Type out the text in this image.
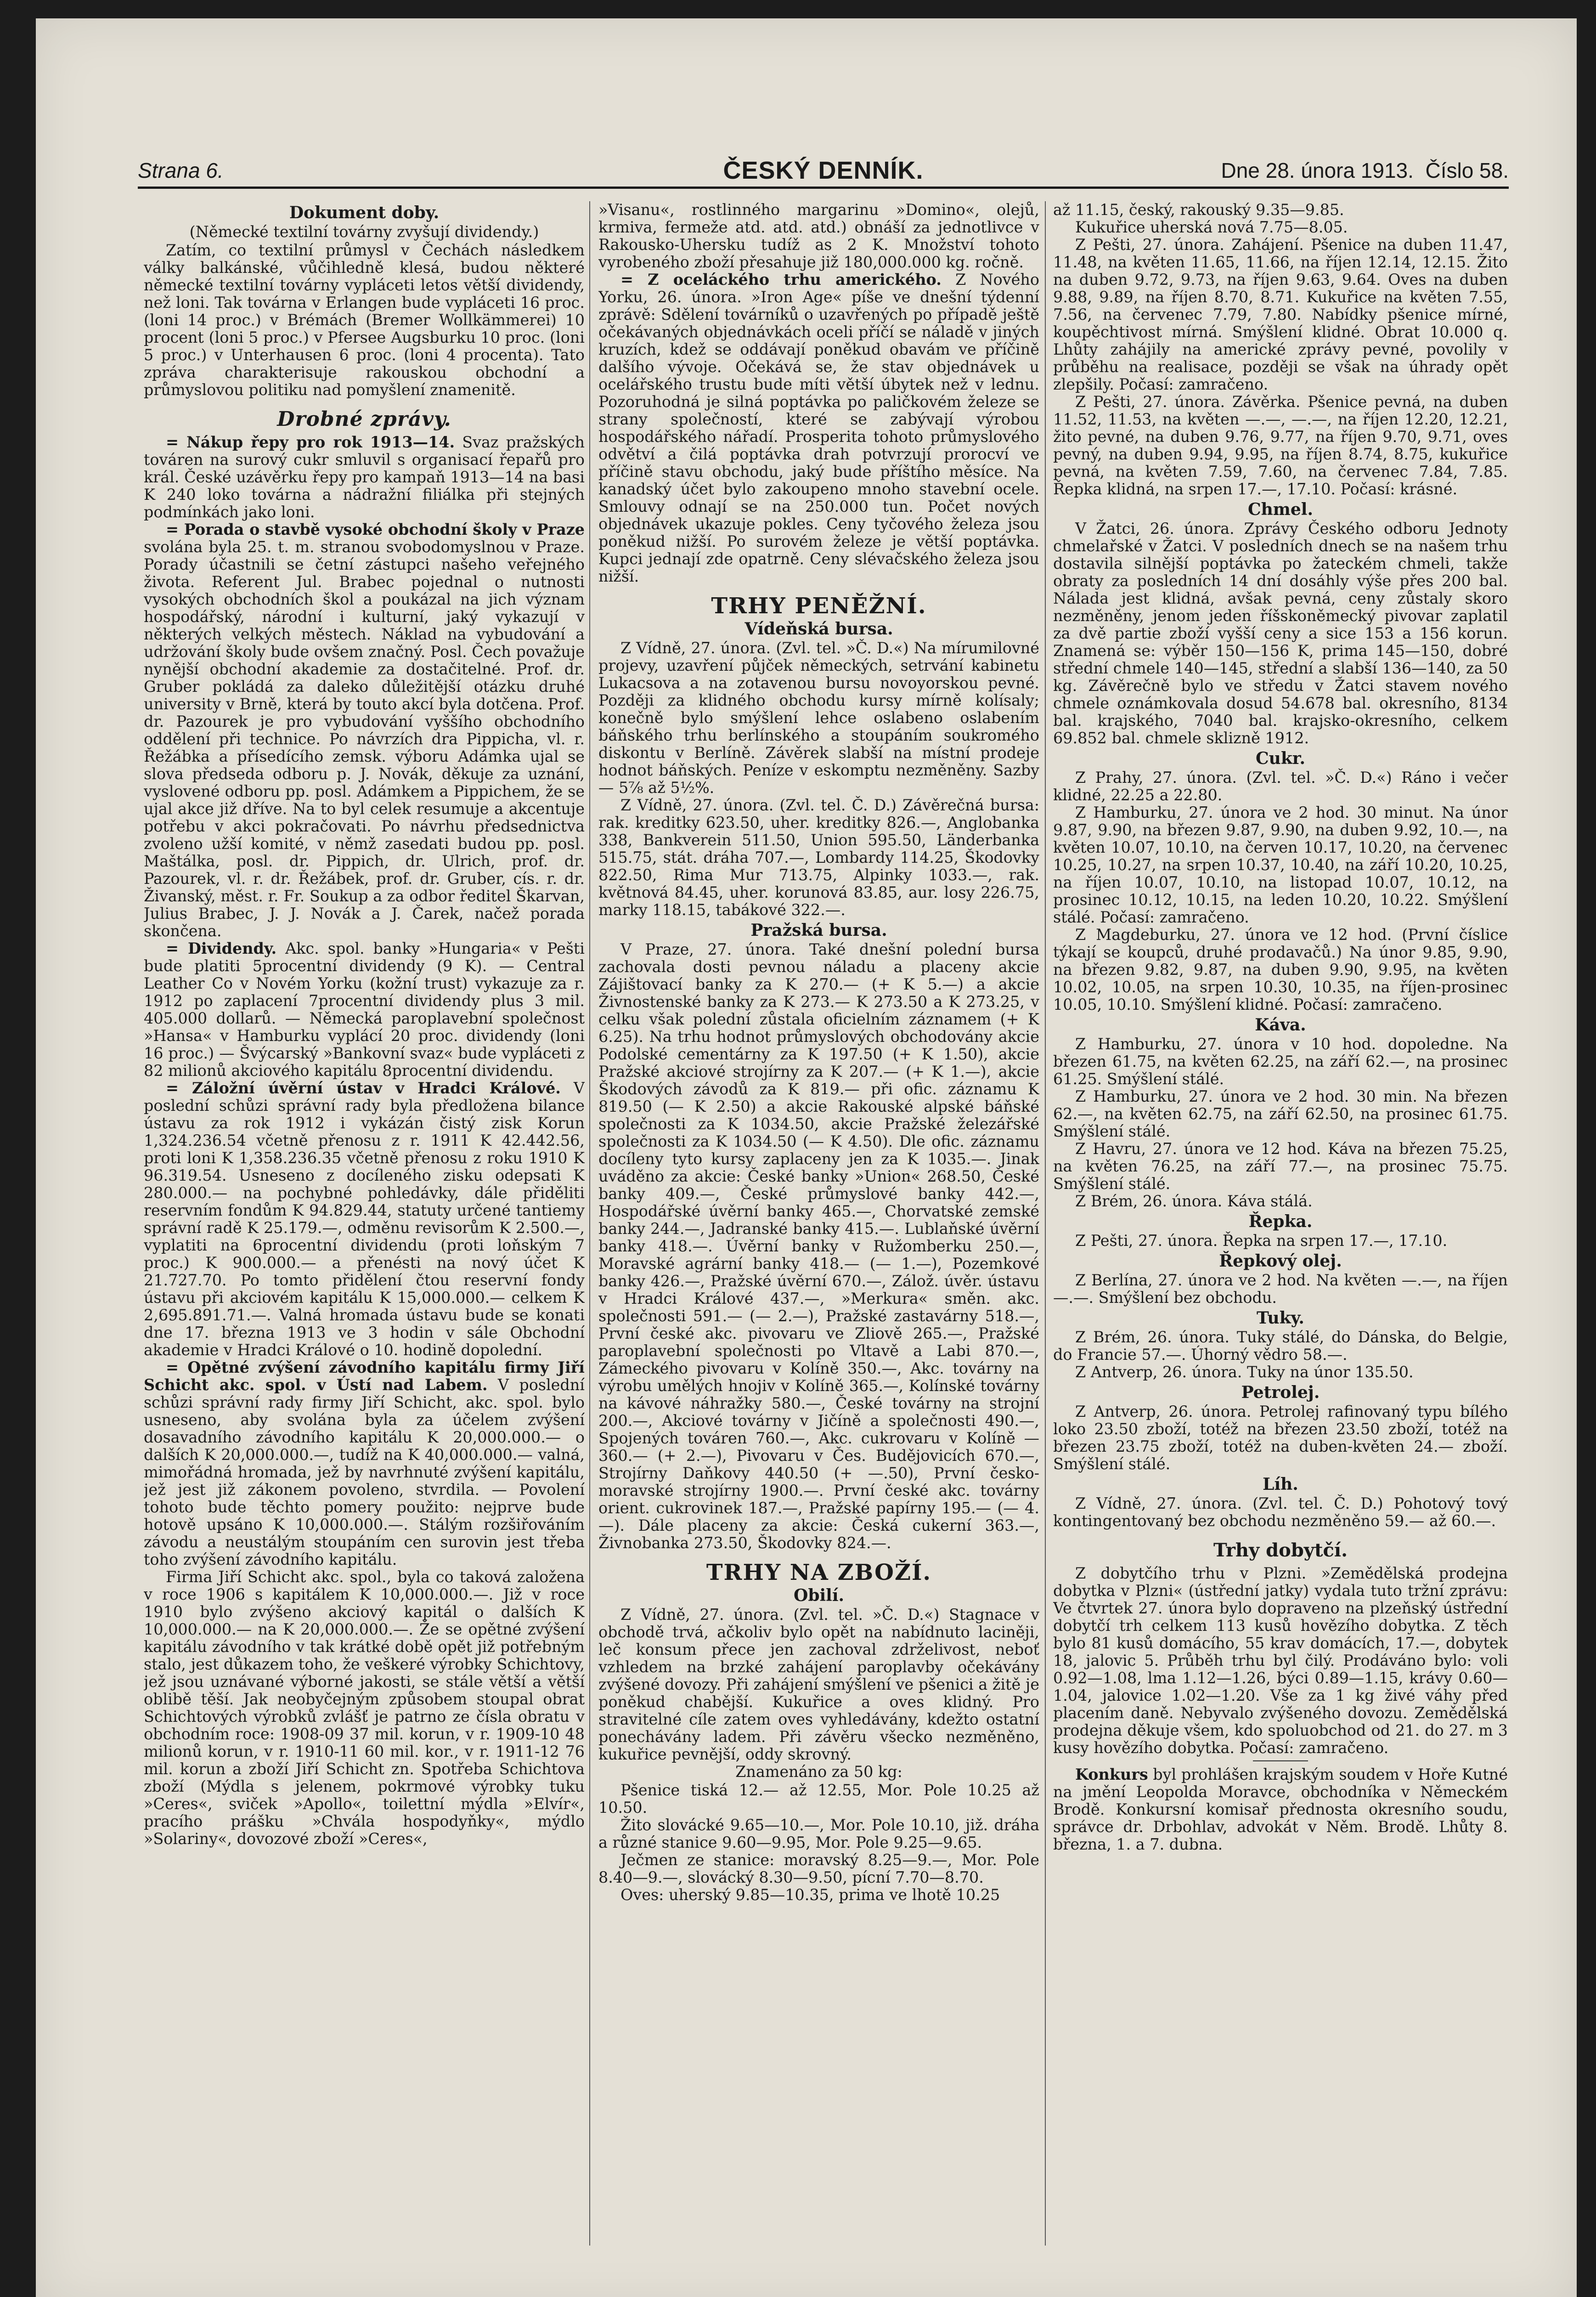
Strana 6.	ČESKÝ DENNÍK.	Dne 28. února 1913. Číslo 58.
Dokument doby.
(Německé textilní továrny zvyšují dividendy.)

Zatím, co textilní průmysl v Čechách následkem války balkánské, vůčihledně klesá, budou některé německé textilní továrny vypláceti letos větší dividendy, než loni. Tak továrna v Erlangen bude vypláceti 16 proc. (loni 14 proc.) v Brémách (Bremer Wollkämmerei) 10 procent (loni 5 proc.) v Pfersee Augsburku 10 proc. (loni 5 proc.) v Unterhausen 6 proc. (loni 4 procenta). Tato zpráva charakterisuje rakouskou obchodní a průmyslovou politiku nad pomyšlení znamenitě.

Drobné zprávy.

= Nákup řepy pro rok 1913—14. Svaz pražských továren na surový cukr smluvil s organisací řepařů pro král. České uzávěrku řepy pro kampaň 1913—14 na basi K 240 loko továrna a nádražní filiálka při stejných podmínkách jako loni.

= Porada o stavbě vysoké obchodní školy v Praze svolána byla 25. t. m. stranou svobodomyslnou v Praze. Porady účastnili se četní zástupci našeho veřejného života. Referent Jul. Brabec pojednal o nutnosti vysokých obchodních škol a poukázal na jich význam hospodářský, národní i kulturní, jaký vykazují v některých velkých městech. Náklad na vybudování a udržování školy bude ovšem značný. Posl. Čech považuje nynější obchodní akademie za dostačitelné. Prof. dr. Gruber pokládá za daleko důležitější otázku druhé university v Brně, která by touto akcí byla dotčena. Prof. dr. Pazourek je pro vybudování vyššího obchodního oddělení při technice. Po návrzích dra Pippicha, vl. r. Řežábka a přísedícího zemsk. výboru Adámka ujal se slova předseda odboru p. J. Novák, děkuje za uznání, vyslovené odboru pp. posl. Adámkem a Pippichem, že se ujal akce již dříve. Na to byl celek resumuje a akcentuje potřebu v akci pokračovati. Po návrhu předsednictva zvoleno užší komité, v němž zasedati budou pp. posl. Maštálka, posl. dr. Pippich, dr. Ulrich, prof. dr. Pazourek, vl. r. dr. Řežábek, prof. dr. Gruber, cís. r. dr. Živanský, měst. r. Fr. Soukup a za odbor ředitel Škarvan, Julius Brabec, J. J. Novák a J. Čarek, načež porada skončena.

= Dividendy. Akc. spol. banky »Hungaria« v Pešti bude platiti 5procentní dividendy (9 K). — Central Leather Co v Novém Yorku (kožní trust) vykazuje za r. 1912 po zaplacení 7procentní dividendy plus 3 mil. 405.000 dollarů. — Německá paroplavební společnost »Hansa« v Hamburku vyplácí 20 proc. dividendy (loni 16 proc.) — Švýcarský »Bankovní svaz« bude vypláceti z 82 milionů akciového kapitálu 8procentní dividendu.

= Záložní úvěrní ústav v Hradci Králové. V poslední schůzi správní rady byla předložena bilance ústavu za rok 1912 i vykázán čistý zisk Korun 1,324.236.54 včetně přenosu z r. 1911 K 42.442.56, proti loni K 1,358.236.35 včetně přenosu z roku 1910 K 96.319.54. Usneseno z docíleného zisku odepsati K 280.000.— na pochybné pohledávky, dále přiděliti reservním fondům K 94.829.44, statuty určené tantiemy správní radě K 25.179.—, odměnu revisorům K 2.500.—, vyplatiti na 6procentní dividendu (proti loňským 7 proc.) K 900.000.— a přenésti na nový účet K 21.727.70. Po tomto přidělení čtou reservní fondy ústavu při akciovém kapitálu K 15,000.000.— celkem K 2,695.891.71.—. Valná hromada ústavu bude se konati dne 17. března 1913 ve 3 hodin v sále Obchodní akademie v Hradci Králové o 10. hodině dopolední.

= Opětné zvýšení závodního kapitálu firmy Jiří Schicht akc. spol. v Ústí nad Labem. V poslední schůzi správní rady firmy Jiří Schicht, akc. spol. bylo usneseno, aby svolána byla za účelem zvýšení dosavadního závodního kapitálu K 20,000.000.— o dalších K 20,000.000.—, tudíž na K 40,000.000.— valná, mimořádná hromada, jež by navrhnuté zvýšení kapitálu, jež jest již zákonem povoleno, stvrdila. — Povolení tohoto bude těchto pomery použito: nejprve bude hotově upsáno K 10,000.000.—. Stálým rozšiřováním závodu a neustálým stoupáním cen surovin jest třeba toho zvýšení závodního kapitálu.

Firma Jiří Schicht akc. spol., byla co taková založena v roce 1906 s kapitálem K 10,000.000.—. Již v roce 1910 bylo zvýšeno akciový kapitál o dalších K 10,000.000.— na K 20,000.000.—. Že se opětné zvýšení kapitálu závodního v tak krátké době opět již potřebným stalo, jest důkazem toho, že veškeré výrobky Schichtovy, jež jsou uznávané výborné jakosti, se stále větší a větší oblibě těší. Jak neobyčejným způsobem stoupal obrat Schichtových výrobků zvlášť je patrno ze čísla obratu v obchodním roce: 1908-09 37 mil. korun, v r. 1909-10 48 milionů korun, v r. 1910-11 60 mil. kor., v r. 1911-12 76 mil. korun a zboží Jiří Schicht zn. Spotřeba Schichtova zboží (Mýdla s jelenem, pokrmové výrobky tuku »Ceres«, sviček »Apollo«, toilettní mýdla »Elvír«, pracího prášku »Chvála hospodyňky«, mýdlo »Solariny«, dovozové zboží »Ceres«,

»Visanu«, rostlinného margarinu »Domino«, olejů, krmiva, fermeže atd. atd. atd.) obnáší za jednotlivce v Rakousko-Uhersku tudíž as 2 K. Množství tohoto vyrobeného zboží přesahuje již 180,000.000 kg. ročně.

= Z oceláckého trhu amerického. Z Nového Yorku, 26. února. »Iron Age« píše ve dnešní týdenní zprávě: Sdělení továrníků o uzavřených po případě ještě očekávaných objednávkách oceli příčí se náladě v jiných kruzích, kdež se oddávají poněkud obavám ve příčině dalšího vývoje. Očekává se, že stav objednávek u ocelářského trustu bude míti větší úbytek než v lednu. Pozoruhodná je silná poptávka po paličkovém železe se strany společností, které se zabývají výrobou hospodářského nářadí. Prosperita tohoto průmyslového odvětví a čilá poptávka drah potvrzují prorocví ve příčině stavu obchodu, jaký bude příštího měsíce. Na kanadský účet bylo zakoupeno mnoho stavební ocele. Smlouvy odnají se na 250.000 tun. Počet nových objednávek ukazuje pokles. Ceny tyčového železa jsou poněkud nižší. Po surovém železe je větší poptávka. Kupci jednají zde opatrně. Ceny slévačského železa jsou nižší.

TRHY PENĚŽNÍ.
Vídeňská bursa.

Z Vídně, 27. února. (Zvl. tel. »Č. D.«) Na mírumilovné projevy, uzavření půjček německých, setrvání kabinetu Lukacsova a na zotavenou bursu novoyorskou pevné. Později za klidného obchodu kursy mírně kolísaly; konečně bylo smýšlení lehce oslabeno oslabením báňského trhu berlínského a stoupáním soukromého diskontu v Berlíně. Závěrek slabší na místní prodeje hodnot báňských. Peníze v eskomptu nezměněny. Sazby — 5⅞ až 5½%.

Z Vídně, 27. února. (Zvl. tel. Č. D.) Závěrečná bursa: rak. kreditky 623.50, uher. kreditky 826.—, Anglobanka 338, Bankverein 511.50, Union 595.50, Länderbanka 515.75, stát. dráha 707.—, Lombardy 114.25, Škodovky 822.50, Rima Mur 713.75, Alpinky 1033.—, rak. květnová 84.45, uher. korunová 83.85, aur. losy 226.75, marky 118.15, tabákové 322.—.

Pražská bursa.

V Praze, 27. února. Také dnešní polední bursa zachovala dosti pevnou náladu a placeny akcie Zájištovací banky za K 270.— (+ K 5.—) a akcie Živnostenské banky za K 273.— K 273.50 a K 273.25, v celku však polední zůstala oficielním záznamem (+ K 6.25). Na trhu hodnot průmyslových obchodovány akcie Podolské cementárny za K 197.50 (+ K 1.50), akcie Pražské akciové strojírny za K 207.— (+ K 1.—), akcie Škodových závodů za K 819.— při ofic. záznamu K 819.50 (— K 2.50) a akcie Rakouské alpské báňské společnosti za K 1034.50, akcie Pražské železářské společnosti za K 1034.50 (— K 4.50). Dle ofic. záznamu docíleny tyto kursy zaplaceny jen za K 1035.—. Jinak uváděno za akcie: České banky »Union« 268.50, České banky 409.—, České průmyslové banky 442.—, Hospodářské úvěrní banky 465.—, Chorvatské zemské banky 244.—, Jadranské banky 415.—. Lublaňské úvěrní banky 418.—. Úvěrní banky v Ružomberku 250.—, Moravské agrární banky 418.— (— 1.—), Pozemkové banky 426.—, Pražské úvěrní 670.—, Zálož. úvěr. ústavu v Hradci Králové 437.—, »Merkura« směn. akc. společnosti 591.— (— 2.—), Pražské zastavárny 518.—, První české akc. pivovaru ve Zliově 265.—, Pražské paroplavební společnosti po Vltavě a Labi 870.—, Zámeckého pivovaru v Kolíně 350.—, Akc. továrny na výrobu umělých hnojiv v Kolíně 365.—, Kolínské továrny na kávové náhražky 580.—, České továrny na strojní 200.—, Akciové továrny v Jičíně a společnosti 490.—, Spojených továren 760.—, Akc. cukrovaru v Kolíně — 360.— (+ 2.—), Pivovaru v Čes. Budějovicích 670.—, Strojírny Daňkovy 440.50 (+ —.50), První česko-moravské strojírny 1900.—. První české akc. továrny orient. cukrovinek 187.—, Pražské papírny 195.— (— 4.—). Dále placeny za akcie: Česká cukerní 363.—, Živnobanka 273.50, Škodovky 824.—.

TRHY NA ZBOŽÍ.
Obilí.

Z Vídně, 27. února. (Zvl. tel. »Č. D.«) Stagnace v obchodě trvá, ačkoliv bylo opět na nabídnuto laciněji, leč konsum přece jen zachoval zdrželivost, neboť vzhledem na brzké zahájení paroplavby očekávány zvýšené dovozy. Při zahájení smýšlení ve pšenici a žitě je poněkud chabější. Kukuřice a oves klidný. Pro stravitelné cíle zatem oves vyhledávány, kdežto ostatní ponechávány ladem. Při závěru všecko nezměněno, kukuřice pevnější, oddy skrovný.

Znamenáno za 50 kg:

Pšenice tiská 12.— až 12.55, Mor. Pole 10.25 až 10.50.

Žito slovácké 9.65—10.—, Mor. Pole 10.10, již. dráha a různé stanice 9.60—9.95, Mor. Pole 9.25—9.65.

Ječmen ze stanice: moravský 8.25—9.—, Mor. Pole 8.40—9.—, slovácký 8.30—9.50, pícní 7.70—8.70.

Oves: uherský 9.85—10.35, prima ve lhotě 10.25

až 11.15, český, rakouský 9.35—9.85.

Kukuřice uherská nová 7.75—8.05.

Z Pešti, 27. února. Zahájení. Pšenice na duben 11.47, 11.48, na květen 11.65, 11.66, na říjen 12.14, 12.15. Žito na duben 9.72, 9.73, na říjen 9.63, 9.64. Oves na duben 9.88, 9.89, na říjen 8.70, 8.71. Kukuřice na květen 7.55, 7.56, na červenec 7.79, 7.80. Nabídky pšenice mírné, koupěchtivost mírná. Smýšlení klidné. Obrat 10.000 q. Lhůty zahájily na americké zprávy pevné, povolily v průběhu na realisace, později se však na úhrady opět zlepšily. Počasí: zamračeno.

Z Pešti, 27. února. Závěrka. Pšenice pevná, na duben 11.52, 11.53, na květen —.—, —.—, na říjen 12.20, 12.21, žito pevné, na duben 9.76, 9.77, na říjen 9.70, 9.71, oves pevný, na duben 9.94, 9.95, na říjen 8.74, 8.75, kukuřice pevná, na květen 7.59, 7.60, na červenec 7.84, 7.85. Řepka klidná, na srpen 17.—, 17.10. Počasí: krásné.

Chmel.

V Žatci, 26. února. Zprávy Českého odboru Jednoty chmelařské v Žatci. V posledních dnech se na našem trhu dostavila silnější poptávka po žateckém chmeli, takže obraty za posledních 14 dní dosáhly výše přes 200 bal. Nálada jest klidná, avšak pevná, ceny zůstaly skoro nezměněny, jenom jeden říšskoněmecký pivovar zaplatil za dvě partie zboží vyšší ceny a sice 153 a 156 korun. Znamená se: výběr 150—156 K, prima 145—150, dobré střední chmele 140—145, střední a slabší 136—140, za 50 kg. Závěrečně bylo ve středu v Žatci stavem nového chmele oznámkovala dosud 54.678 bal. okresního, 8134 bal. krajského, 7040 bal. krajsko-okresního, celkem 69.852 bal. chmele sklizně 1912.

Cukr.

Z Prahy, 27. února. (Zvl. tel. »Č. D.«) Ráno i večer klidné, 22.25 a 22.80.

Z Hamburku, 27. února ve 2 hod. 30 minut. Na únor 9.87, 9.90, na březen 9.87, 9.90, na duben 9.92, 10.—, na květen 10.07, 10.10, na červen 10.17, 10.20, na červenec 10.25, 10.27, na srpen 10.37, 10.40, na září 10.20, 10.25, na říjen 10.07, 10.10, na listopad 10.07, 10.12, na prosinec 10.12, 10.15, na leden 10.20, 10.22. Smýšlení stálé. Počasí: zamračeno.

Z Magdeburku, 27. února ve 12 hod. (První číslice týkají se koupců, druhé prodavačů.) Na únor 9.85, 9.90, na březen 9.82, 9.87, na duben 9.90, 9.95, na květen 10.02, 10.05, na srpen 10.30, 10.35, na říjen-prosinec 10.05, 10.10. Smýšlení klidné. Počasí: zamračeno.

Káva.

Z Hamburku, 27. února v 10 hod. dopoledne. Na březen 61.75, na květen 62.25, na září 62.—, na prosinec 61.25. Smýšlení stálé.

Z Hamburku, 27. února ve 2 hod. 30 min. Na březen 62.—, na květen 62.75, na září 62.50, na prosinec 61.75. Smýšlení stálé.

Z Havru, 27. února ve 12 hod. Káva na březen 75.25, na květen 76.25, na září 77.—, na prosinec 75.75. Smýšlení stálé.

Z Brém, 26. února. Káva stálá.

Řepka.

Z Pešti, 27. února. Řepka na srpen 17.—, 17.10.

Řepkový olej.

Z Berlína, 27. února ve 2 hod. Na květen —.—, na říjen —.—. Smýšlení bez obchodu.

Tuky.

Z Brém, 26. února. Tuky stálé, do Dánska, do Belgie, do Francie 57.—. Úhorný vědro 58.—.

Z Antverp, 26. února. Tuky na únor 135.50.

Petrolej.

Z Antverp, 26. února. Petrolej rafinovaný typu bílého loko 23.50 zboží, totéž na březen 23.50 zboží, totéž na březen 23.75 zboží, totéž na duben-květen 24.— zboží. Smýšlení stálé.

Líh.

Z Vídně, 27. února. (Zvl. tel. Č. D.) Pohotový tový kontingentovaný bez obchodu nezměněno 59.— až 60.—.

Trhy dobytčí.

Z dobytčího trhu v Plzni. »Zemědělská prodejna dobytka v Plzni« (ústřední jatky) vydala tuto tržní zprávu: Ve čtvrtek 27. února bylo dopraveno na plzeňský ústřední dobytčí trh celkem 113 kusů hovězího dobytka. Z těch bylo 81 kusů domácího, 55 krav domácích, 17.—, dobytek 18, jalovic 5. Průběh trhu byl čilý. Prodáváno bylo: voli 0.92—1.08, lma 1.12—1.26, býci 0.89—1.15, krávy 0.60—1.04, jalovice 1.02—1.20. Vše za 1 kg živé váhy před placením daně. Nebyvalo zvýšeného dovozu. Zemědělská prodejna děkuje všem, kdo spoluobchod od 21. do 27. m 3 kusy hovězího dobytka. Počasí: zamračeno.

Konkurs byl prohlášen krajským soudem v Hoře Kutné na jmění Leopolda Moravce, obchodníka v Německém Brodě. Konkursní komisař přednosta okresního soudu, správce dr. Drbohlav, advokát v Něm. Brodě. Lhůty 8. března, 1. a 7. dubna.
